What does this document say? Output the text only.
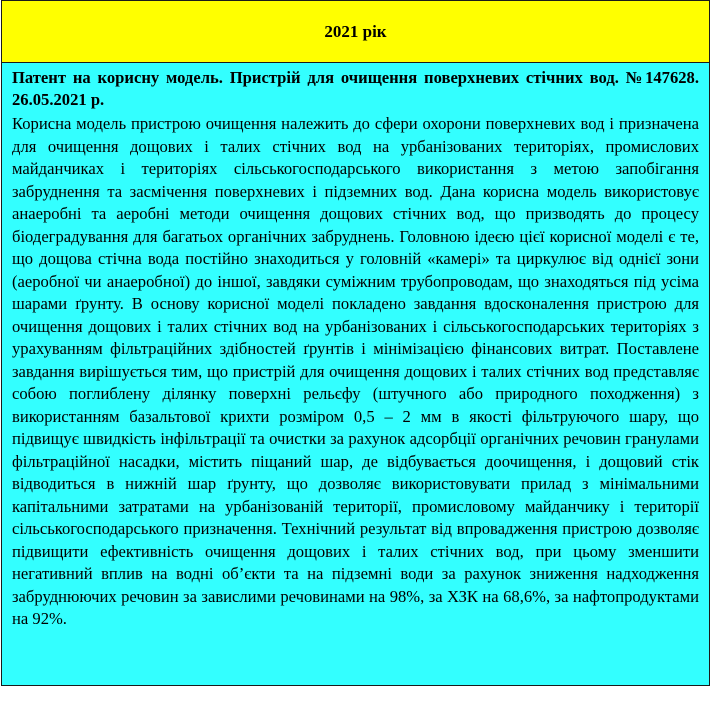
2021 рік

Патент на корисну модель. Пристрій для очищення поверхневих стічних вод. №147628. 26.05.2021 р.

Корисна модель пристрою очищення належить до сфери охорони поверхневих вод і призначена для очищення дощових і талих стічних вод на урбанізованих територіях, промислових майданчиках і територіях сільськогосподарського використання з метою запобігання забруднення та засмічення поверхневих і підземних вод. Дана корисна модель використовує анаеробні та аеробні методи очищення дощових стічних вод, що призводять до процесу біодеградування для багатьох органічних забруднень. Головною ідеєю цієї корисної моделі є те, що дощова стічна вода постійно знаходиться у головній «камері» та циркулює від однієї зони (аеробної чи анаеробної) до іншої, завдяки суміжним трубопроводам, що знаходяться під усіма шарами ґрунту. В основу корисної моделі покладено завдання вдосконалення пристрою для очищення дощових і талих стічних вод на урбанізованих і сільськогосподарських територіях з урахуванням фільтраційних здібностей ґрунтів і мінімізацією фінансових витрат. Поставлене завдання вирішується тим, що пристрій для очищення дощових і талих стічних вод представляє собою поглиблену ділянку поверхні рельєфу (штучного або природного походження) з використанням базальтової крихти розміром 0,5 – 2 мм в якості фільтруючого шару, що підвищує швидкість інфільтрації та очистки за рахунок адсорбції органічних речовин гранулами фільтраційної насадки, містить піщаний шар, де відбувається доочищення, і дощовий стік відводиться в нижній шар ґрунту, що дозволяє використовувати прилад з мінімальними капітальними затратами на урбанізованій території, промисловому майданчику і території сільськогосподарського призначення. Технічний результат від впровадження пристрою дозволяє підвищити ефективність очищення дощових і талих стічних вод, при цьому зменшити негативний вплив на водні об’єкти та на підземні води за рахунок зниження надходження забруднюючих речовин за завислими речовинами на 98%, за ХЗК на 68,6%, за нафтопродуктами на 92%.
